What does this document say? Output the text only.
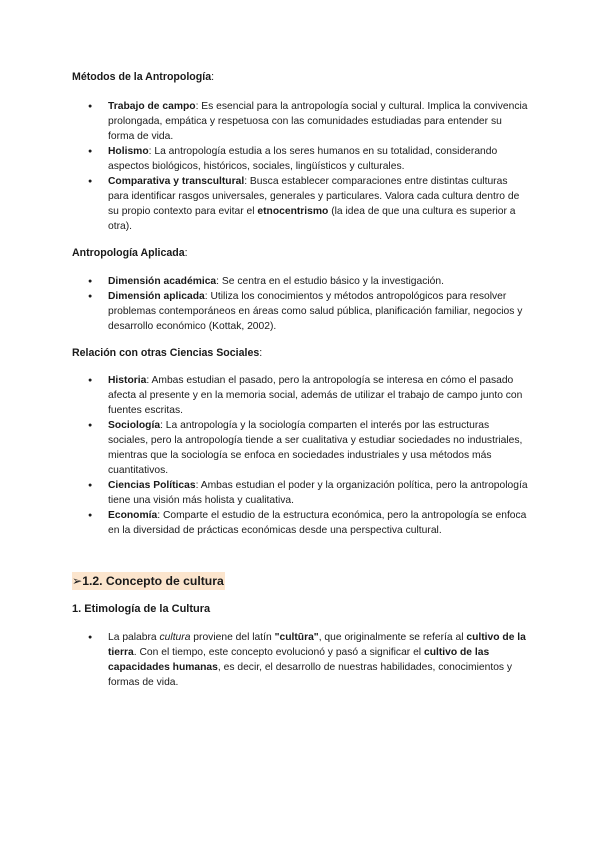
Métodos de la Antropología:

● Trabajo de campo: Es esencial para la antropología social y cultural. Implica la convivencia prolongada, empática y respetuosa con las comunidades estudiadas para entender su forma de vida.
● Holismo: La antropología estudia a los seres humanos en su totalidad, considerando aspectos biológicos, históricos, sociales, lingüísticos y culturales.
● Comparativa y transcultural: Busca establecer comparaciones entre distintas culturas para identificar rasgos universales, generales y particulares. Valora cada cultura dentro de su propio contexto para evitar el etnocentrismo (la idea de que una cultura es superior a otra).

Antropología Aplicada:

● Dimensión académica: Se centra en el estudio básico y la investigación.
● Dimensión aplicada: Utiliza los conocimientos y métodos antropológicos para resolver problemas contemporáneos en áreas como salud pública, planificación familiar, negocios y desarrollo económico (Kottak, 2002).

Relación con otras Ciencias Sociales:

● Historia: Ambas estudian el pasado, pero la antropología se interesa en cómo el pasado afecta al presente y en la memoria social, además de utilizar el trabajo de campo junto con fuentes escritas.
● Sociología: La antropología y la sociología comparten el interés por las estructuras sociales, pero la antropología tiende a ser cualitativa y estudiar sociedades no industriales, mientras que la sociología se enfoca en sociedades industriales y usa métodos más cuantitativos.
● Ciencias Políticas: Ambas estudian el poder y la organización política, pero la antropología tiene una visión más holista y cualitativa.
● Economía: Comparte el estudio de la estructura económica, pero la antropología se enfoca en la diversidad de prácticas económicas desde una perspectiva cultural.
➢1.2. Concepto de cultura

1. Etimología de la Cultura

● La palabra cultura proviene del latín "cultūra", que originalmente se refería al cultivo de la tierra. Con el tiempo, este concepto evolucionó y pasó a significar el cultivo de las capacidades humanas, es decir, el desarrollo de nuestras habilidades, conocimientos y formas de vida.
